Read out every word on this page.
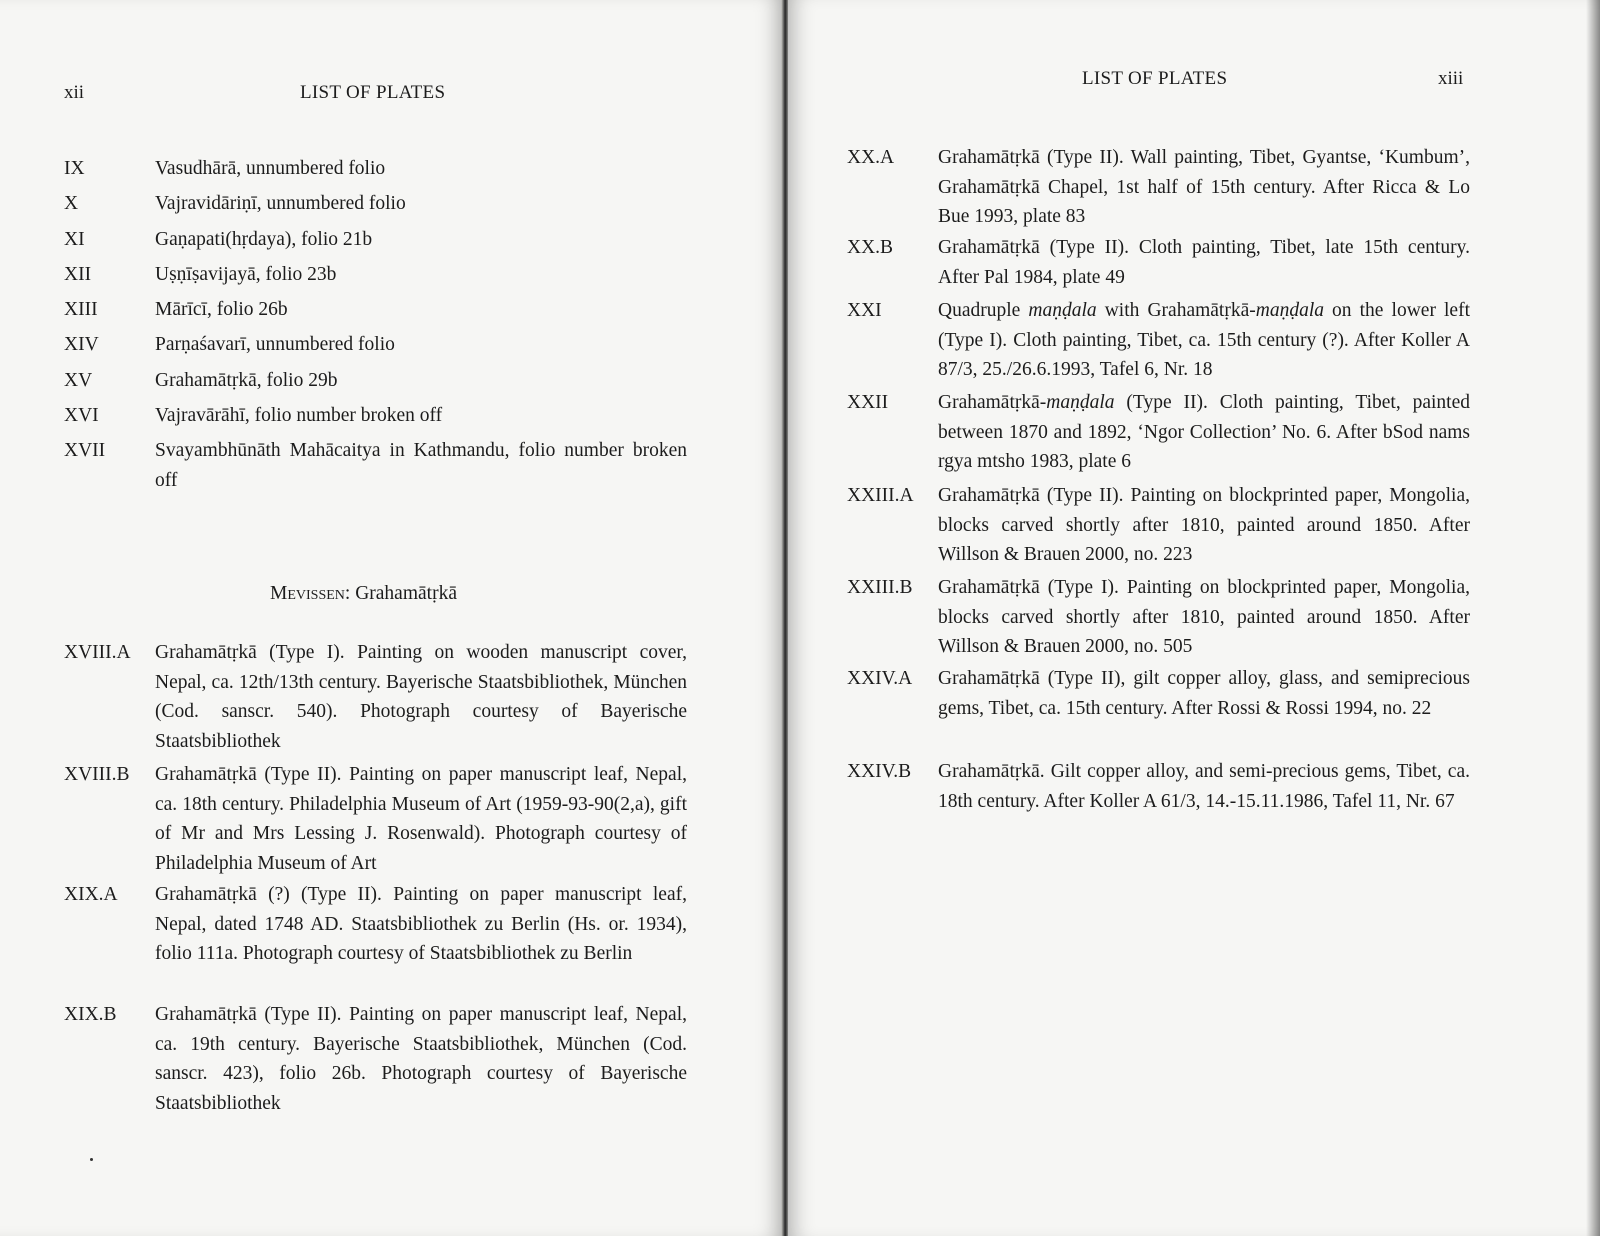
xii	LIST OF PLATES
IX	Vasudhārā, unnumbered folio
X	Vajravidāriṇī, unnumbered folio
XI	Gaṇapati(hṛdaya), folio 21b
XII	Uṣṇīṣavijayā, folio 23b
XIII	Mārīcī, folio 26b
XIV	Parṇaśavarī, unnumbered folio
XV	Grahamātṛkā, folio 29b
XVI	Vajravārāhī, folio number broken off
XVII	Svayambhūnāth Mahācaitya in Kathmandu, folio number broken off
Mevissen: Grahamātṛkā
XVIII.A Grahamātṛkā (Type I). Painting on wooden manuscript cover, Nepal, ca. 12th/13th century. Bayerische Staatsbibliothek, München (Cod. sanscr. 540). Photograph courtesy of Bayerische Staatsbibliothek
XVIII.B Grahamātṛkā (Type II). Painting on paper manuscript leaf, Nepal, ca. 18th century. Philadelphia Museum of Art (1959-93-90(2,a), gift of Mr and Mrs Lessing J. Rosenwald). Photograph courtesy of Philadelphia Museum of Art
XIX.A Grahamātṛkā (?) (Type II). Painting on paper manuscript leaf, Nepal, dated 1748 AD. Staatsbibliothek zu Berlin (Hs. or. 1934), folio 111a. Photograph courtesy of Staatsbibliothek zu Berlin
XIX.B Grahamātṛkā (Type II). Painting on paper manuscript leaf, Nepal, ca. 19th century. Bayerische Staatsbibliothek, München (Cod. sanscr. 423), folio 26b. Photograph courtesy of Bayerische Staatsbibliothek
LIST OF PLATES	xiii
XX.A Grahamātṛkā (Type II). Wall painting, Tibet, Gyantse, ‘Kumbum’, Grahamātṛkā Chapel, 1st half of 15th century. After Ricca & Lo Bue 1993, plate 83
XX.B Grahamātṛkā (Type II). Cloth painting, Tibet, late 15th century. After Pal 1984, plate 49
XXI	Quadruple maṇḍala with Grahamātṛkā-maṇḍala on the lower left (Type I). Cloth painting, Tibet, ca. 15th century (?). After Koller A 87/3, 25./26.6.1993, Tafel 6, Nr. 18
XXII	Grahamātṛkā-maṇḍala (Type II). Cloth painting, Tibet, painted between 1870 and 1892, ‘Ngor Collection’ No. 6. After bSod nams rgya mtsho 1983, plate 6
XXIII.A Grahamātṛkā (Type II). Painting on blockprinted paper, Mongolia, blocks carved shortly after 1810, painted around 1850. After Willson & Brauen 2000, no. 223
XXIII.B Grahamātṛkā (Type I). Painting on blockprinted paper, Mongolia, blocks carved shortly after 1810, painted around 1850. After Willson & Brauen 2000, no. 505
XXIV.A Grahamātṛkā (Type II), gilt copper alloy, glass, and semiprecious gems, Tibet, ca. 15th century. After Rossi & Rossi 1994, no. 22
XXIV.B Grahamātṛkā. Gilt copper alloy, and semi-precious gems, Tibet, ca. 18th century. After Koller A 61/3, 14.-15.11.1986, Tafel 11, Nr. 67
